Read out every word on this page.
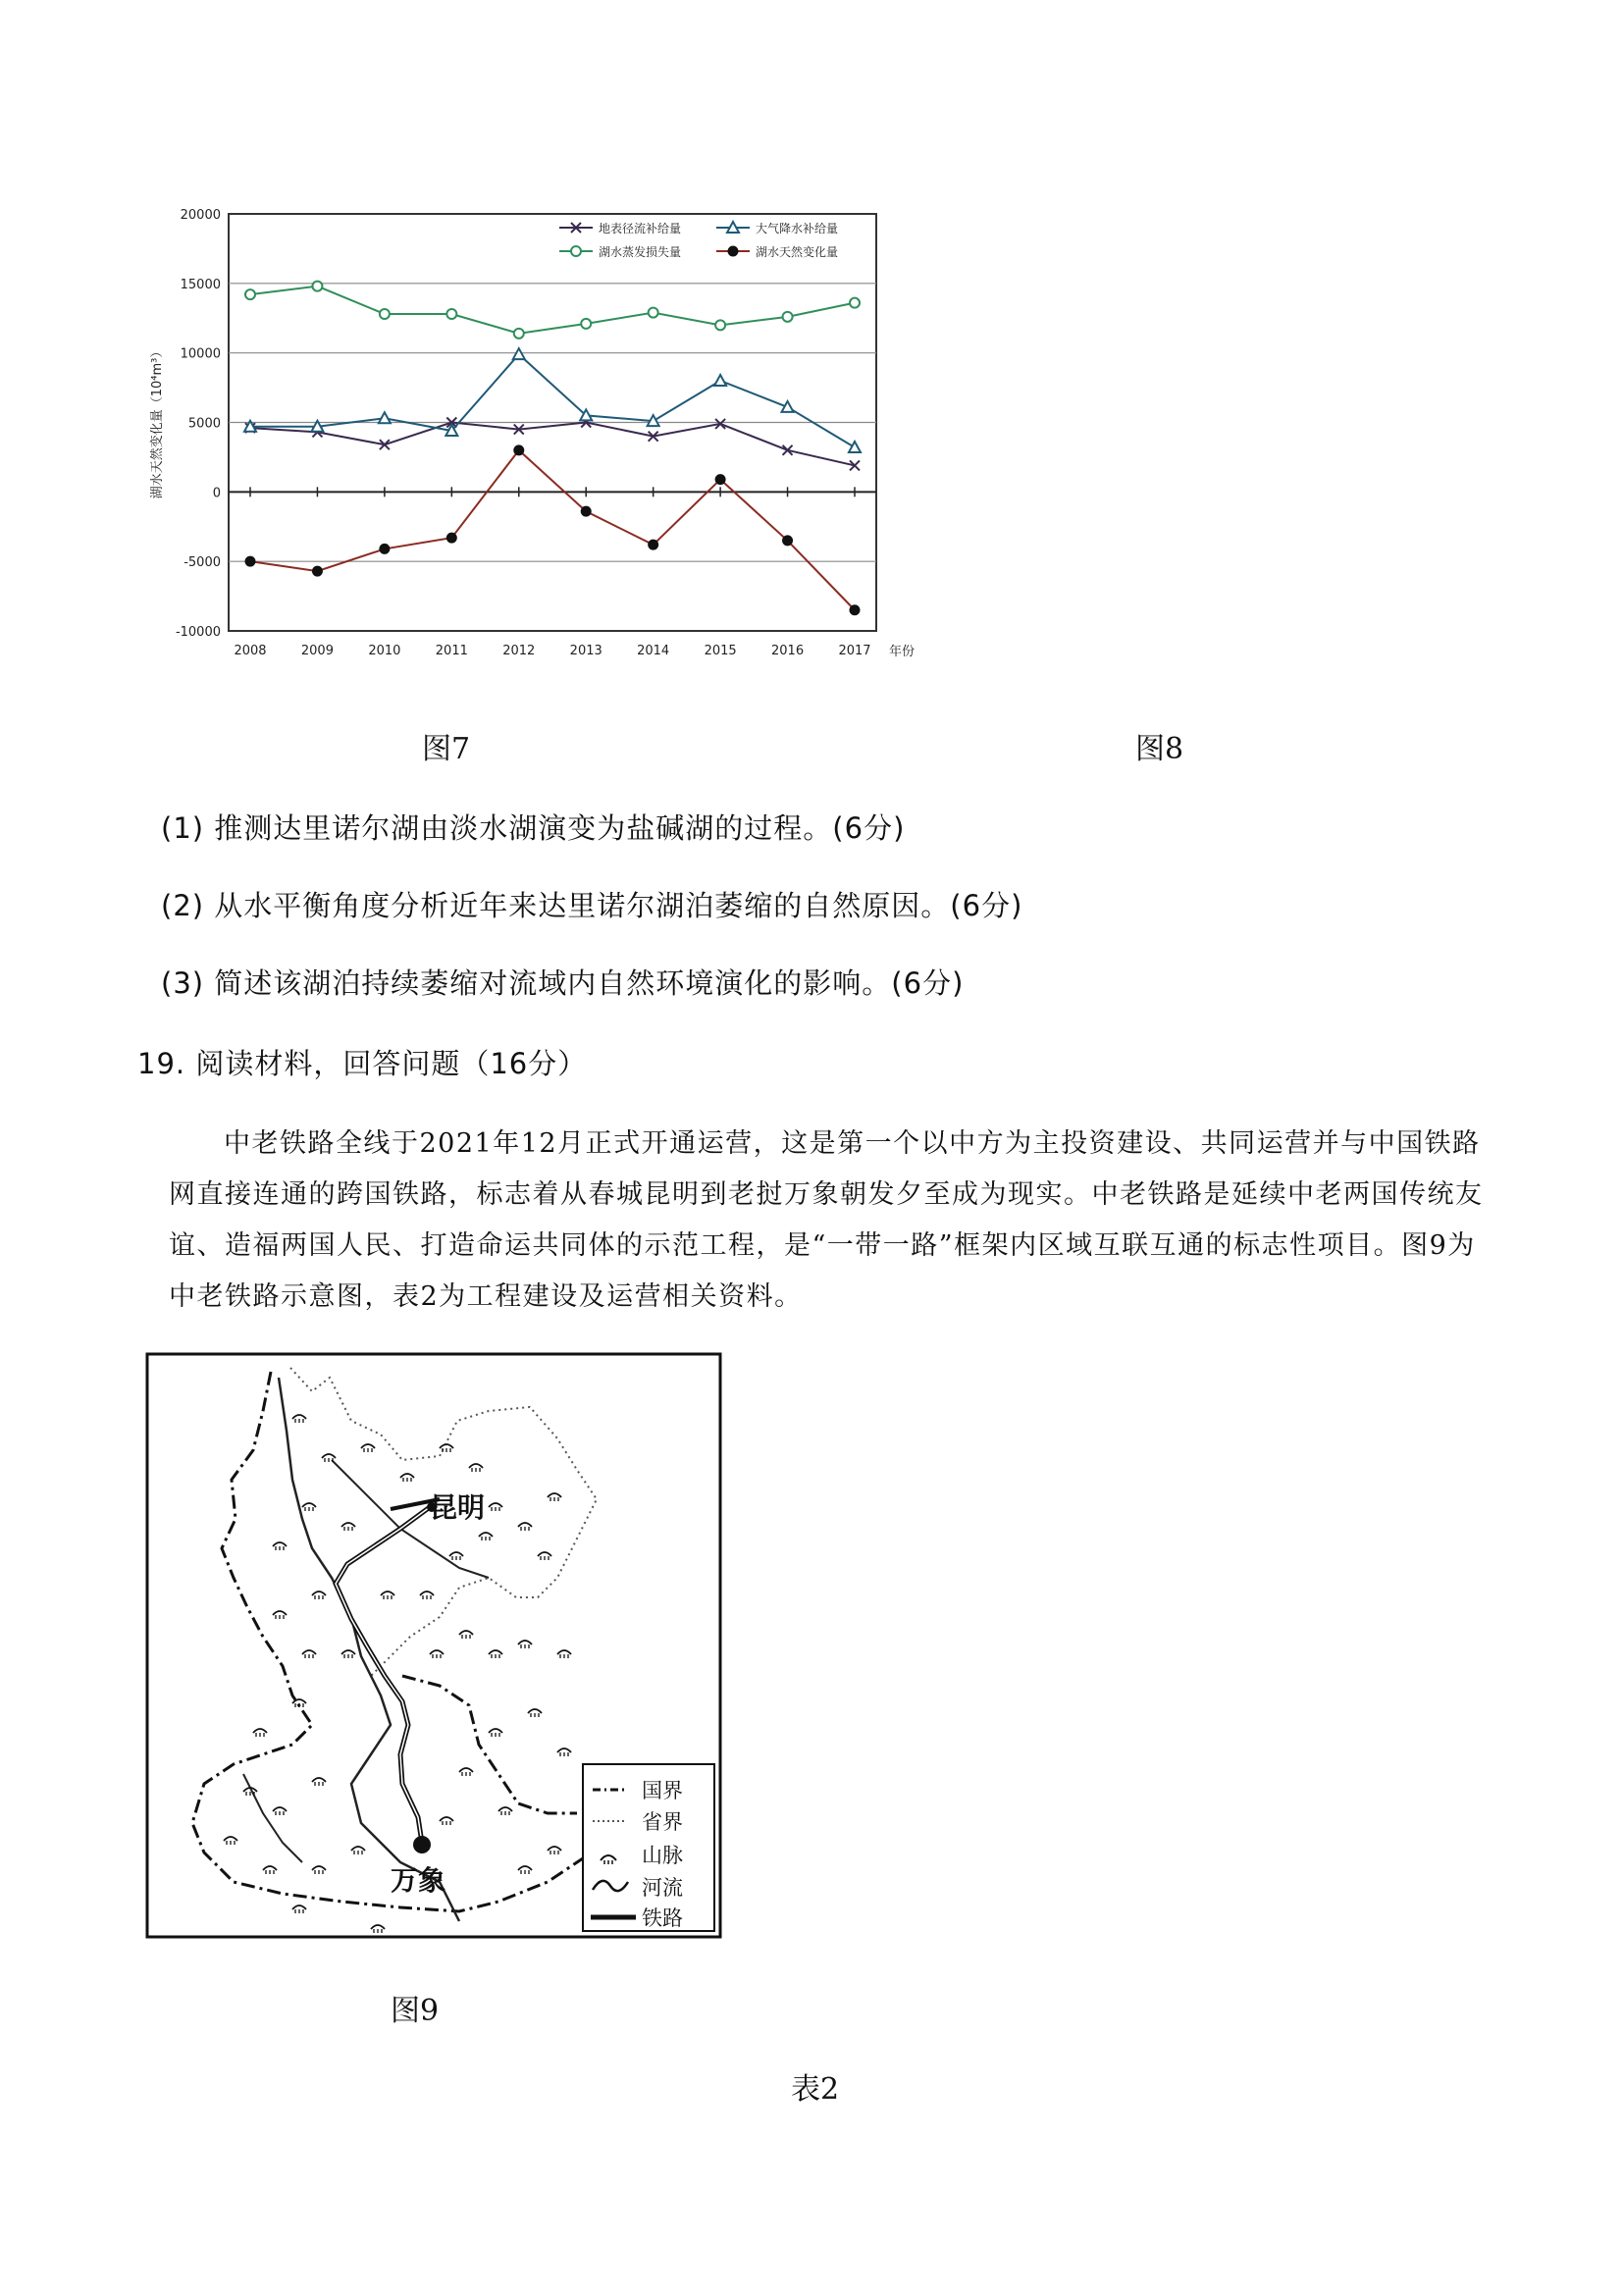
20000
15000
10000
5000
0
-5000
-10000
2008	2009	2010	2011	2012	2013	2014	2015	2016	2017
湖水天然变化量（10⁴m³）
年份
地表径流补给量	大气降水补给量
湖水蒸发损失量	湖水天然变化量
图7	图8
(1) 推测达里诺尔湖由淡水湖演变为盐碱湖的过程。(6分)
(2) 从水平衡角度分析近年来达里诺尔湖泊萎缩的自然原因。(6分)
(3) 简述该湖泊持续萎缩对流域内自然环境演化的影响。(6分)
19. 阅读材料，回答问题（16分）
中老铁路全线于2021年12月正式开通运营，这是第一个以中方为主投资建设、共同运营并与中国铁路网直接连通的跨国铁路，标志着从春城昆明到老挝万象朝发夕至成为现实。中老铁路是延续中老两国传统友谊、造福两国人民、打造命运共同体的示范工程，是“一带一路”框架内区域互联互通的标志性项目。图9为中老铁路示意图，表2为工程建设及运营相关资料。
昆明
万象
国界
省界
山脉
河流
铁路
图9
表2
